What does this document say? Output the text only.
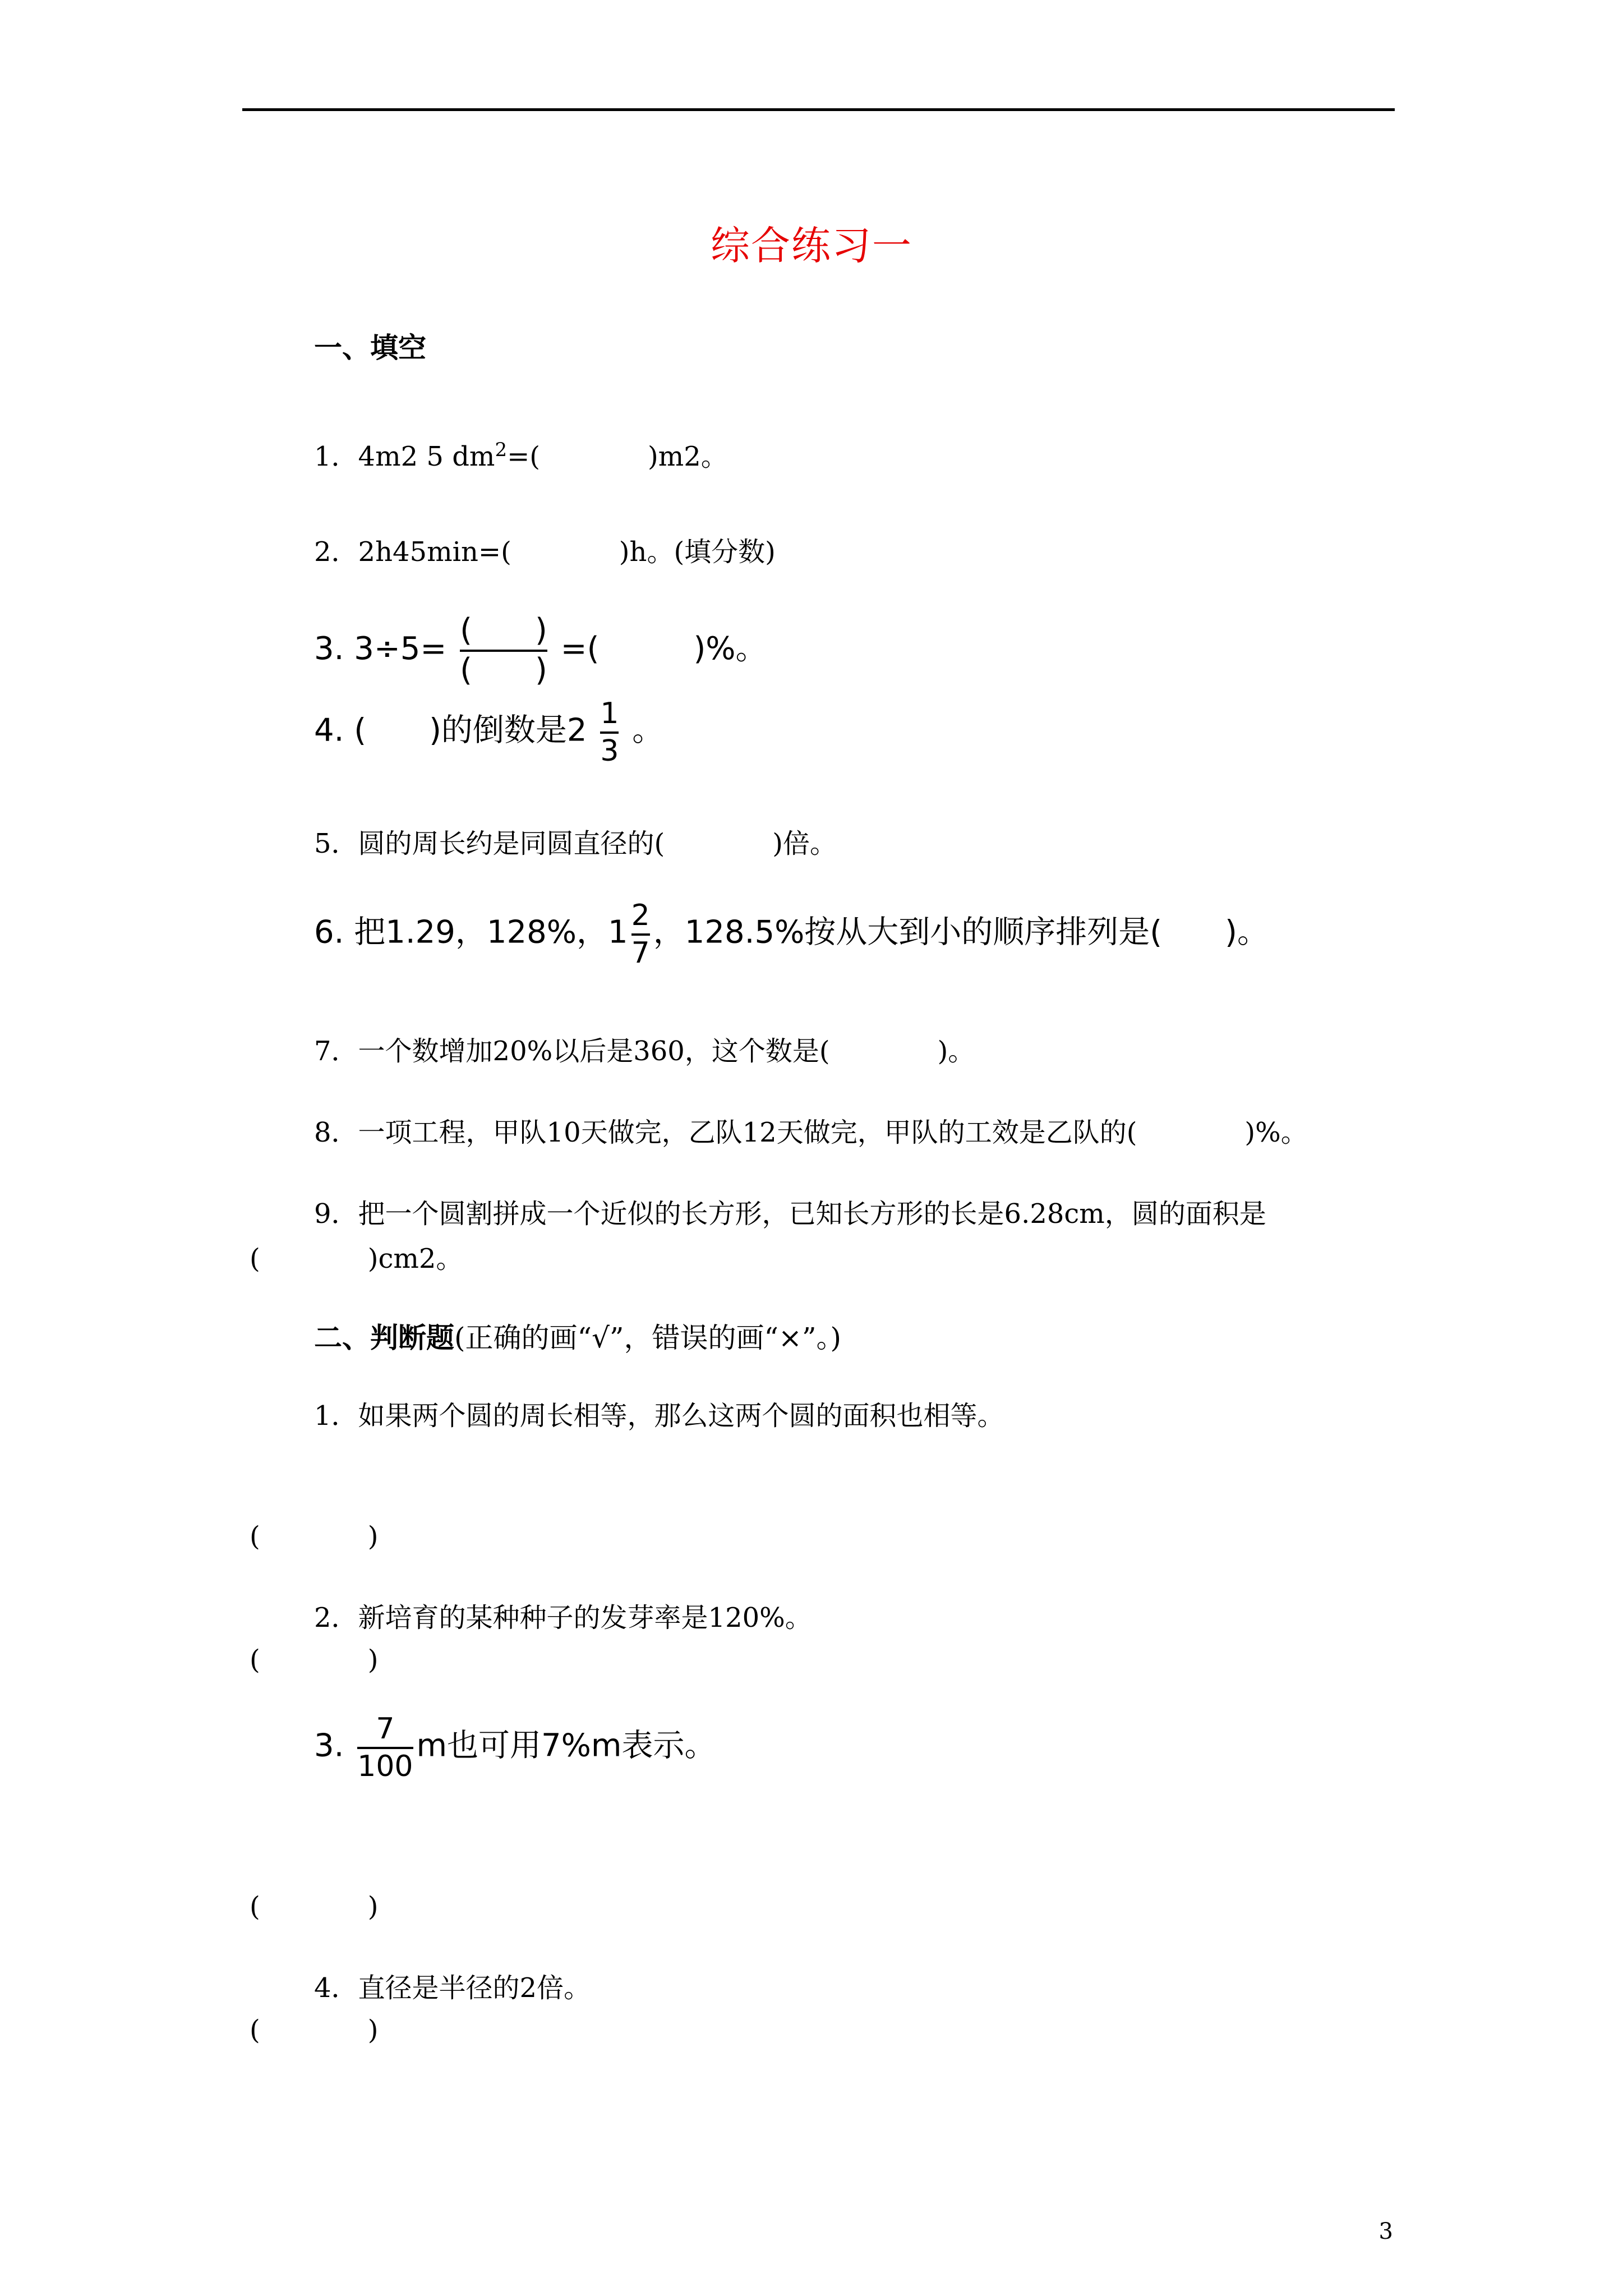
综合练习一
一、填空
1．4m2 5 $dm^2=$(　　　　)m2。
2．2h45min=(　　　　)h。(填分数)
3. $3\div 5= \frac{( )}{( )}$ =(　　　)%。
4. (　　)的倒数是$2 \frac{1}{3}$ 。
5．圆的周长约是同圆直径的(　　　　)倍。
6. 把1.29，128%，$1 \frac{2}{7}$ ，128.5%按从大到小的顺序排列是(　　)。
7．一个数增加20%以后是360，这个数是(　　　　)。
8．一项工程，甲队10天做完，乙队12天做完，甲队的工效是乙队的(　　　　)%。
9．把一个圆割拼成一个近似的长方形，已知长方形的长是6.28cm，圆的面积是
(　　　　)cm2。
二、判断题(正确的画“√”，错误的画“×”。)
1．如果两个圆的周长相等，那么这两个圆的面积也相等。
(　　　　)
2．新培育的某种种子的发芽率是120%。
(　　　　)
3. $\frac{7}{100}$ m也可用7%m表示。
(　　　　)
4．直径是半径的2倍。
(　　　　)
3
